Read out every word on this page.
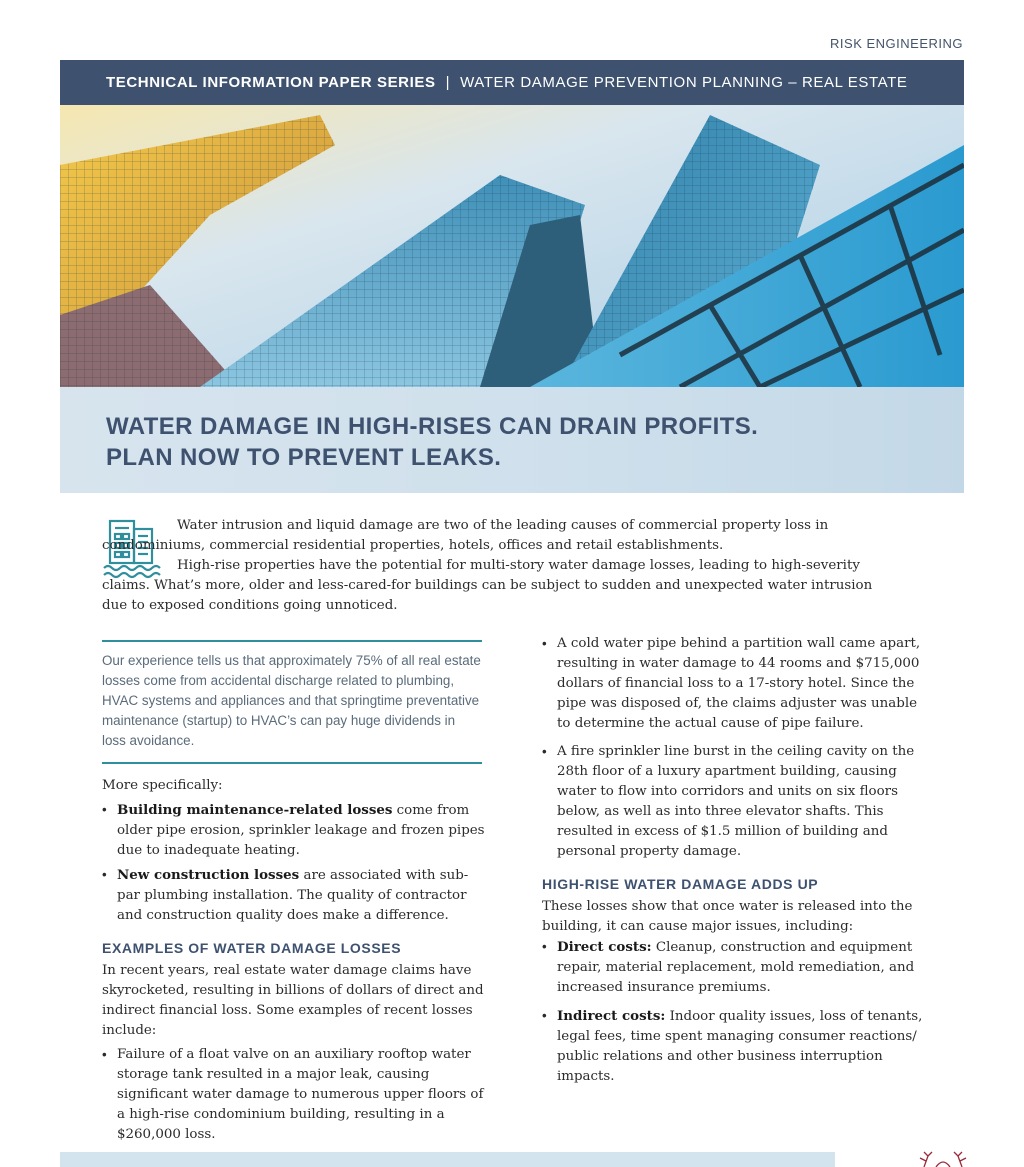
RISK ENGINEERING
TECHNICAL INFORMATION PAPER SERIES | WATER DAMAGE PREVENTION PLANNING – REAL ESTATE
WATER DAMAGE IN HIGH-RISES CAN DRAIN PROFITS.
PLAN NOW TO PREVENT LEAKS.

Water intrusion and liquid damage are two of the leading causes of commercial property loss in condominiums, commercial residential properties, hotels, offices and retail establishments.

High-rise properties have the potential for multi-story water damage losses, leading to high-severity claims. What’s more, older and less-cared-for buildings can be subject to sudden and unexpected water intrusion due to exposed conditions going unnoticed.

Our experience tells us that approximately 75% of all real estate losses come from accidental discharge related to plumbing, HVAC systems and appliances and that springtime preventative maintenance (startup) to HVAC’s can pay huge dividends in loss avoidance.

More specifically:

• Building maintenance-related losses come from older pipe erosion, sprinkler leakage and frozen pipes due to inadequate heating.
• New construction losses are associated with sub-par plumbing installation. The quality of contractor and construction quality does make a difference.
EXAMPLES OF WATER DAMAGE LOSSES

In recent years, real estate water damage claims have skyrocketed, resulting in billions of dollars of direct and indirect financial loss. Some examples of recent losses include:

• Failure of a float valve on an auxiliary rooftop water storage tank resulted in a major leak, causing significant water damage to numerous upper floors of a high-rise condominium building, resulting in a $260,000 loss.
• A cold water pipe behind a partition wall came apart, resulting in water damage to 44 rooms and $715,000 dollars of financial loss to a 17-story hotel. Since the pipe was disposed of, the claims adjuster was unable to determine the actual cause of pipe failure.
• A fire sprinkler line burst in the ceiling cavity on the 28th floor of a luxury apartment building, causing water to flow into corridors and units on six floors below, as well as into three elevator shafts. This resulted in excess of $1.5 million of building and personal property damage.
HIGH-RISE WATER DAMAGE ADDS UP

These losses show that once water is released into the building, it can cause major issues, including:

• Direct costs: Cleanup, construction and equipment repair, material replacement, mold remediation, and increased insurance premiums.
• Indirect costs: Indoor quality issues, loss of tenants, legal fees, time spent managing consumer reactions/ public relations and other business interruption impacts.
